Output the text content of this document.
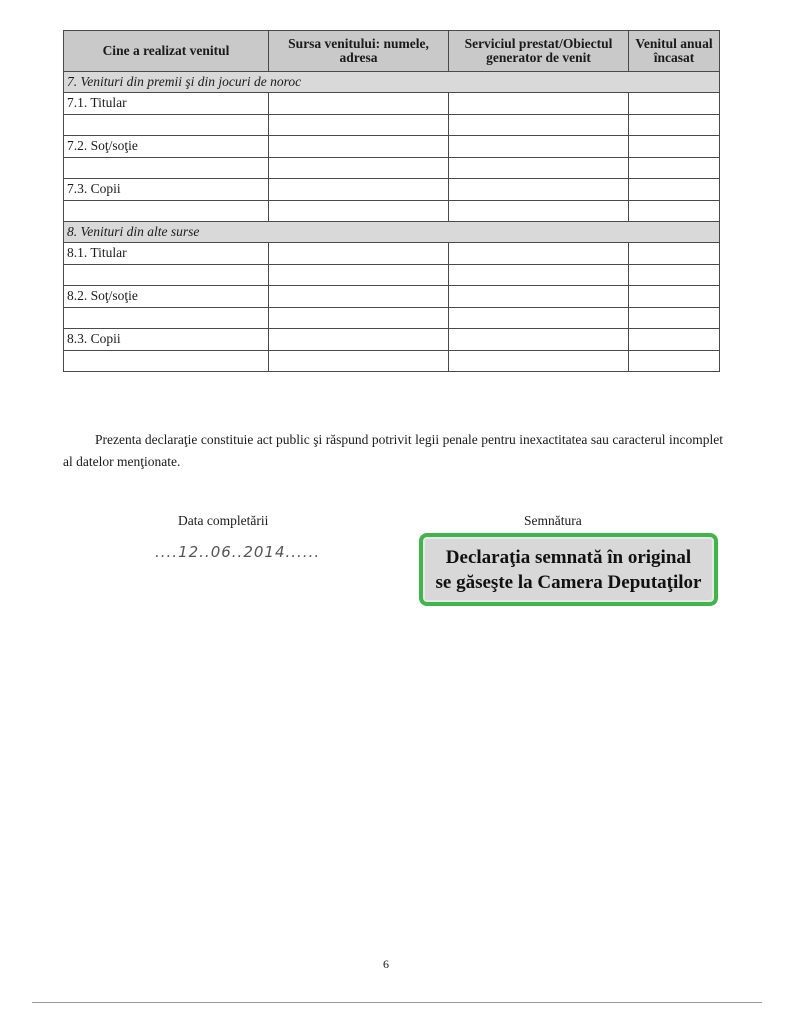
Cine a realizat venitul	Sursa venitului: numele, adresa	Serviciul prestat/Obiectul generator de venit	Venitul anual încasat
7. Venituri din premii şi din jocuri de noroc			
7.1. Titular			

7.2. Soţ/soţie			

7.3. Copii			

8. Venituri din alte surse			
8.1. Titular			

8.2. Soţ/soţie			

8.3. Copii			

Prezenta declaraţie constituie act public şi răspund potrivit legii penale pentru inexactitatea sau caracterul incomplet al datelor menţionate.

Data completării
....12..06..2014......
Semnătura
Declaraţia semnată în original
se găseşte la Camera Deputaţilor
6
